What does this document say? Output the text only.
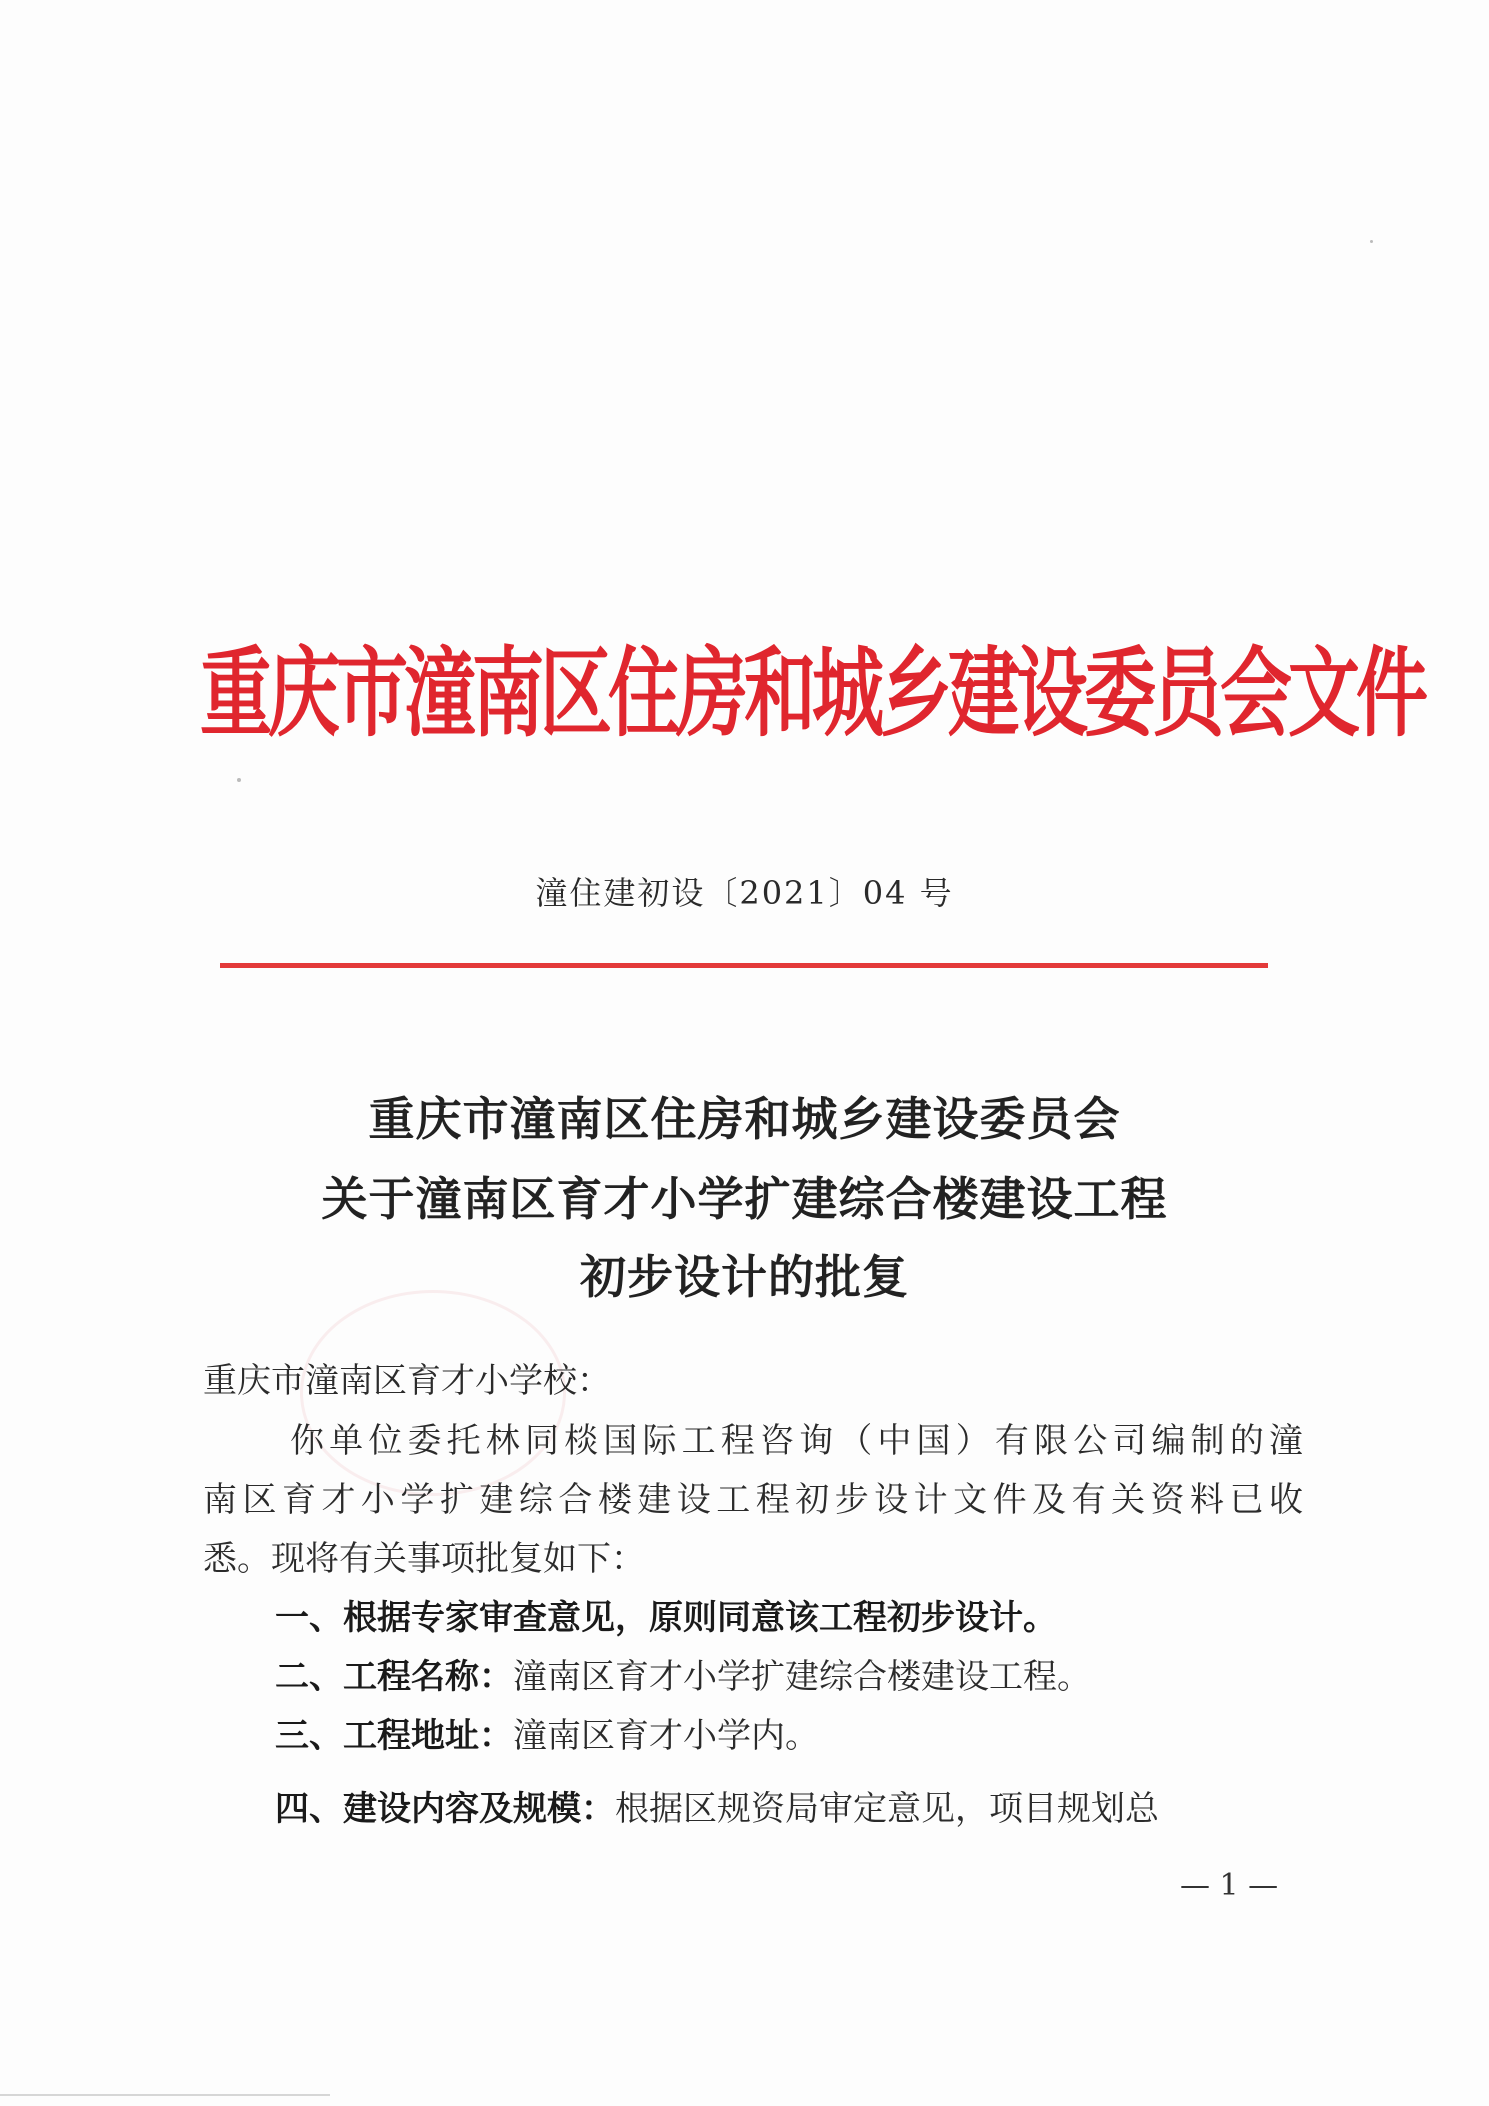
重庆市潼南区住房和城乡建设委员会文件
潼住建初设〔2021〕04 号
重庆市潼南区住房和城乡建设委员会
关于潼南区育才小学扩建综合楼建设工程
初步设计的批复
重庆市潼南区育才小学校：
你单位委托林同棪国际工程咨询（中国）有限公司编制的潼
南区育才小学扩建综合楼建设工程初步设计文件及有关资料已收
悉。现将有关事项批复如下：
一、根据专家审查意见，原则同意该工程初步设计。
二、工程名称：潼南区育才小学扩建综合楼建设工程。
三、工程地址：潼南区育才小学内。
四、建设内容及规模：根据区规资局审定意见，项目规划总
— 1 —
